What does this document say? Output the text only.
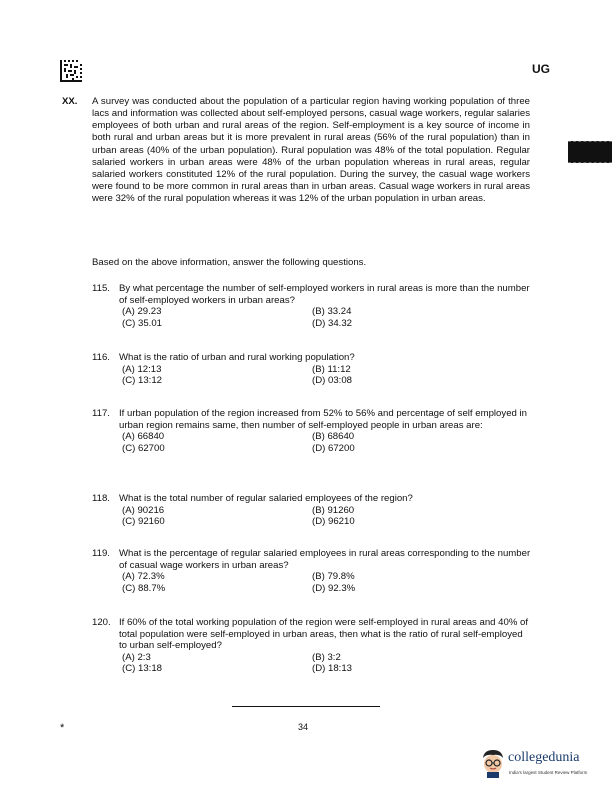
UG
XX.	A survey was conducted about the population of a particular region having working population of three lacs and information was collected about self-employed persons, casual wage workers, regular salaries employees of both urban and rural areas of the region. Self-employment is a key source of income in both rural and urban areas but it is more prevalent in rural areas (56% of the rural population) than in urban areas (40% of the urban population). Rural population was 48% of the total population. Regular salaried workers in urban areas were 48% of the urban population whereas in rural areas, regular salaried workers constituted 12% of the rural population. During the survey, the casual wage workers were found to be more common in rural areas than in urban areas. Casual wage workers in rural areas were 32% of the rural population whereas it was 12% of the urban population in urban areas.
Based on the above information, answer the following questions.
115. By what percentage the number of self-employed workers in rural areas is more than the number of self-employed workers in urban areas?
(A) 29.23	(B) 33.24
(C) 35.01	(D) 34.32
116. What is the ratio of urban and rural working population?
(A) 12:13	(B) 11:12
(C) 13:12	(D) 03:08
117. If urban population of the region increased from 52% to 56% and percentage of self employed in urban region remains same, then number of self-employed people in urban areas are:
(A) 66840	(B) 68640
(C) 62700	(D) 67200
118. What is the total number of regular salaried employees of the region?
(A) 90216	(B) 91260
(C) 92160	(D) 96210
119. What is the percentage of regular salaried employees in rural areas corresponding to the number of casual wage workers in urban areas?
(A) 72.3%	(B) 79.8%
(C) 88.7%	(D) 92.3%
120. If 60% of the total working population of the region were self-employed in rural areas and 40% of total population were self-employed in urban areas, then what is the ratio of rural self-employed to urban self-employed?
(A) 2:3	(B) 3:2
(C) 13:18	(D) 18:13
*	34
collegedunia
India's largest Student Review Platform
